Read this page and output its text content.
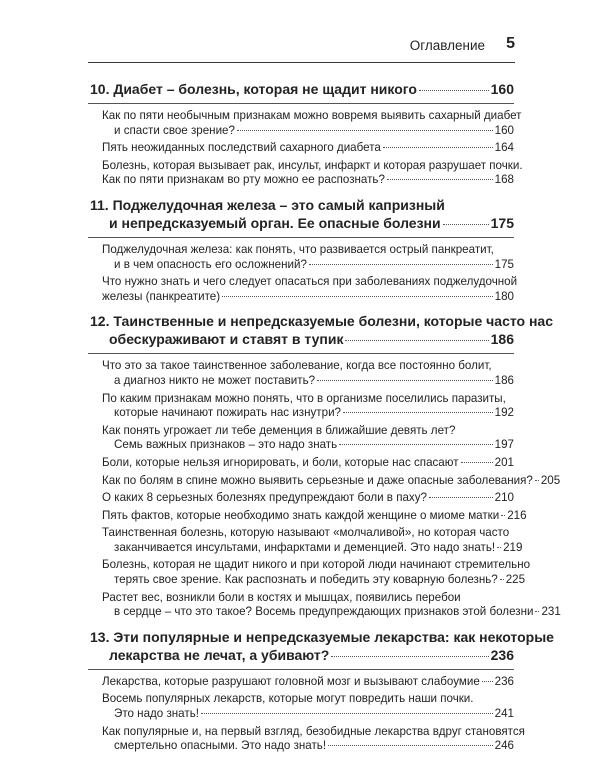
Оглавление 5
10. Диабет – болезнь, которая не щадит никого	160
Как по пяти необычным признакам можно вовремя выявить сахарный диабет
и спасти свое зрение?	160
Пять неожиданных последствий сахарного диабета	164
Болезнь, которая вызывает рак, инсульт, инфаркт и которая разрушает почки.
Как по пяти признакам во рту можно ее распознать?	168
11. Поджелудочная железа – это самый капризный
и непредсказуемый орган. Ее опасные болезни	175
Поджелудочная железа: как понять, что развивается острый панкреатит,
и в чем опасность его осложнений?	175
Что нужно знать и чего следует опасаться при заболеваниях поджелудочной
железы (панкреатите)	180
12. Таинственные и непредсказуемые болезни, которые часто нас
обескураживают и ставят в тупик	186
Что это за такое таинственное заболевание, когда все постоянно болит,
а диагноз никто не может поставить?	186
По каким признакам можно понять, что в организме поселились паразиты,
которые начинают пожирать нас изнутри?	192
Как понять угрожает ли тебе деменция в ближайшие девять лет?
Семь важных признаков – это надо знать	197
Боли, которые нельзя игнорировать, и боли, которые нас спасают	201
Как по болям в спине можно выявить серьезные и даже опасные заболевания? 205
О каких 8 серьезных болезнях предупреждают боли в паху?	210
Пять фактов, которые необходимо знать каждой женщине о миоме матки 216
Таинственная болезнь, которую называют «молчаливой», но которая часто
заканчивается инсультами, инфарктами и деменцией. Это надо знать! 219
Болезнь, которая не щадит никого и при которой люди начинают стремительно
терять свое зрение. Как распознать и победить эту коварную болезнь? 225
Растет вес, возникли боли в костях и мышцах, появились перебои
в сердце – что это такое? Восемь предупреждающих признаков этой болезни 231
13. Эти популярные и непредсказуемые лекарства: как некоторые
лекарства не лечат, а убивают?	236
Лекарства, которые разрушают головной мозг и вызывают слабоумие 236
Восемь популярных лекарств, которые могут повредить наши почки.
Это надо знать!	241
Как популярные и, на первый взгляд, безобидные лекарства вдруг становятся
смертельно опасными. Это надо знать!	246
